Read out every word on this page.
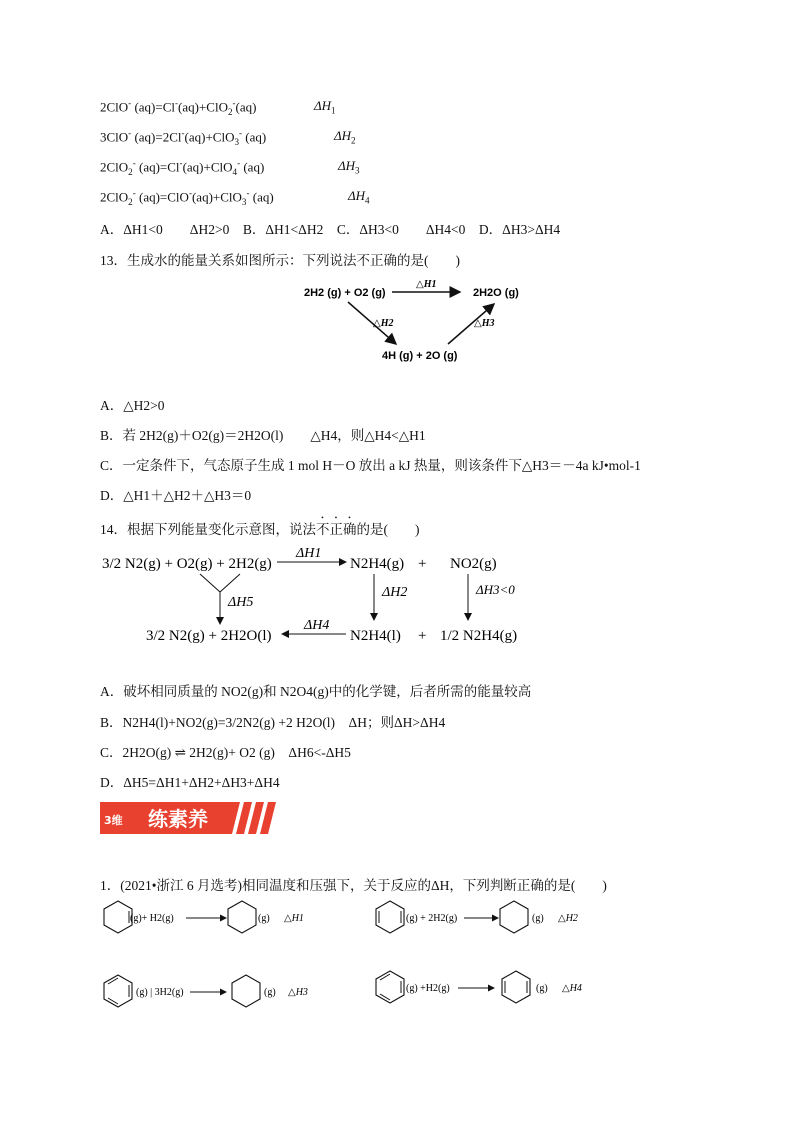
2ClO- (aq)=Cl-(aq)+ClO$_2$-(aq)	$\Delta H_1$
3ClO- (aq)=2Cl-(aq)+ClO$_3$- (aq)	$\Delta H_2$
2ClO$_2$- (aq)=Cl-(aq)+ClO$_4$- (aq)	$\Delta H_3$
2ClO$_2$- (aq)=ClO-(aq)+ClO$_3$- (aq)	$\Delta H_4$
A．ΔH1<0　　ΔH2>0　B．ΔH1<ΔH2　C．ΔH3<0　　ΔH4<0　D．ΔH3>ΔH4
13．生成水的能量关系如图所示：下列说法不正确的是(　　)
2H2 (g) + O2 (g)
△H1
2H2O (g)
△H2	△H3
4H (g) + 2O (g)
A．△H2>0
B．若 2H2(g)＋O2(g)＝2H2O(l)　　△H4，则△H4<△H1
C．一定条件下，气态原子生成 1 mol H－O 放出 a kJ 热量，则该条件下△H3＝－4a kJ•mol-1
D．△H1＋△H2＋△H3＝0
14．根据下列能量变化示意图，说法不正确的是(　　)
3/2 N2(g) + O2(g) + 2H2(g)
ΔH1
N2H4(g) + NO2(g)
ΔH5
ΔH2	ΔH3<0
3/2 N2(g) + 2H2O(l)
ΔH4
N2H4(l) + 1/2 N2H4(g)
A．破坏相同质量的 NO2(g)和 N2O4(g)中的化学键，后者所需的能量较高
B．N2H4(l)+NO2(g)=3/2N2(g) +2 H2O(l)　ΔH；则ΔH>ΔH4
C．2H2O(g) ⇌ 2H2(g)+ O2 (g)　ΔH6<-ΔH5
D．ΔH5=ΔH1+ΔH2+ΔH3+ΔH4
3维 练素养
1．(2021•浙江 6 月选考)相同温度和压强下，关于反应的ΔH，下列判断正确的是(　　)
(g)+ H2(g)	(g) △H1	(g) + 2H2(g)	(g) △H2
(g) | 3H2(g)	(g) △H3	(g) +H2(g)	(g) △H4
